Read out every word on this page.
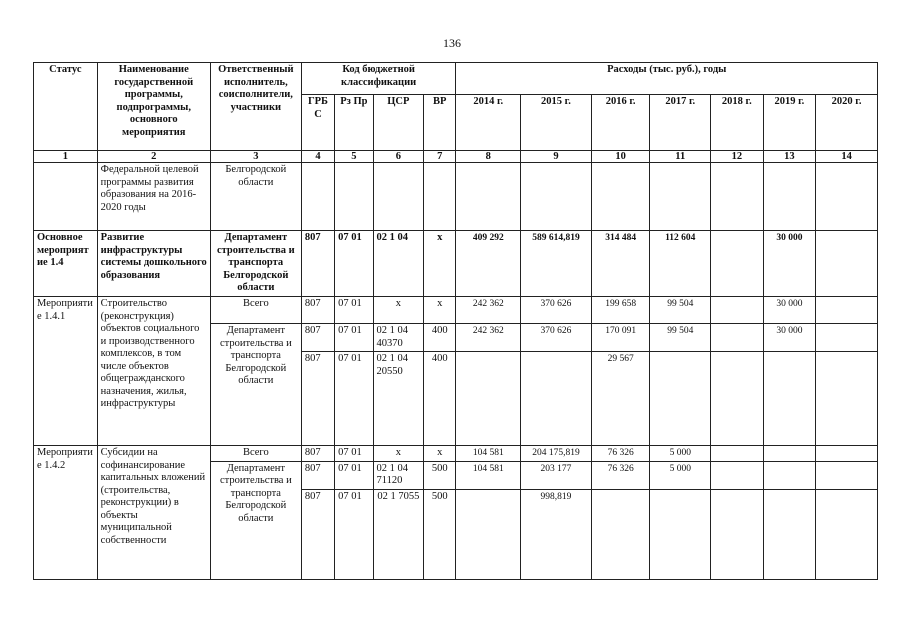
136
Статус	Наименование государственной программы, подпрограммы, основного мероприятия	Ответственный исполнитель, соисполнители, участники	Код бюджетной классификации				Расходы (тыс. руб.), годы						
			ГРБ С	Рз Пр	ЦСР	ВР	2014 г.	2015 г.	2016 г.	2017 г.	2018 г.	2019 г.	2020 г.
1	2	3	4	5	6	7	8	9	10	11	12	13	14
	Федеральной целевой программы развития образования на 2016-2020 годы	Белгородской области											
Основное мероприятие 1.4	Развитие инфраструктуры системы дошкольного образования	Департамент строительства и транспорта Белгородской области	807	07 01	02 1 04	х	409 292	589 614,819	314 484	112 604		30 000	
Мероприятие 1.4.1	Строительство (реконструкция) объектов социального и производственного комплексов, в том числе объектов общегражданского назначения, жилья, инфраструктуры	Всего	807	07 01	х	х	242 362	370 626	199 658	99 504		30 000	
		Департамент строительства и транспорта Белгородской области	807	07 01	02 1 04 40370	400	242 362	370 626	170 091	99 504		30 000	
			807	07 01	02 1 04 20550	400			29 567				
Мероприятие 1.4.2	Субсидии на софинансирование капитальных вложений (строительства, реконструкции) в объекты муниципальной собственности	Всего	807	07 01	х	х	104 581	204 175,819	76 326	5 000			
		Департамент строительства и транспорта Белгородской области	807	07 01	02 1 04 71120	500	104 581	203 177	76 326	5 000			
			807	07 01	02 1 7055	500		998,819					
